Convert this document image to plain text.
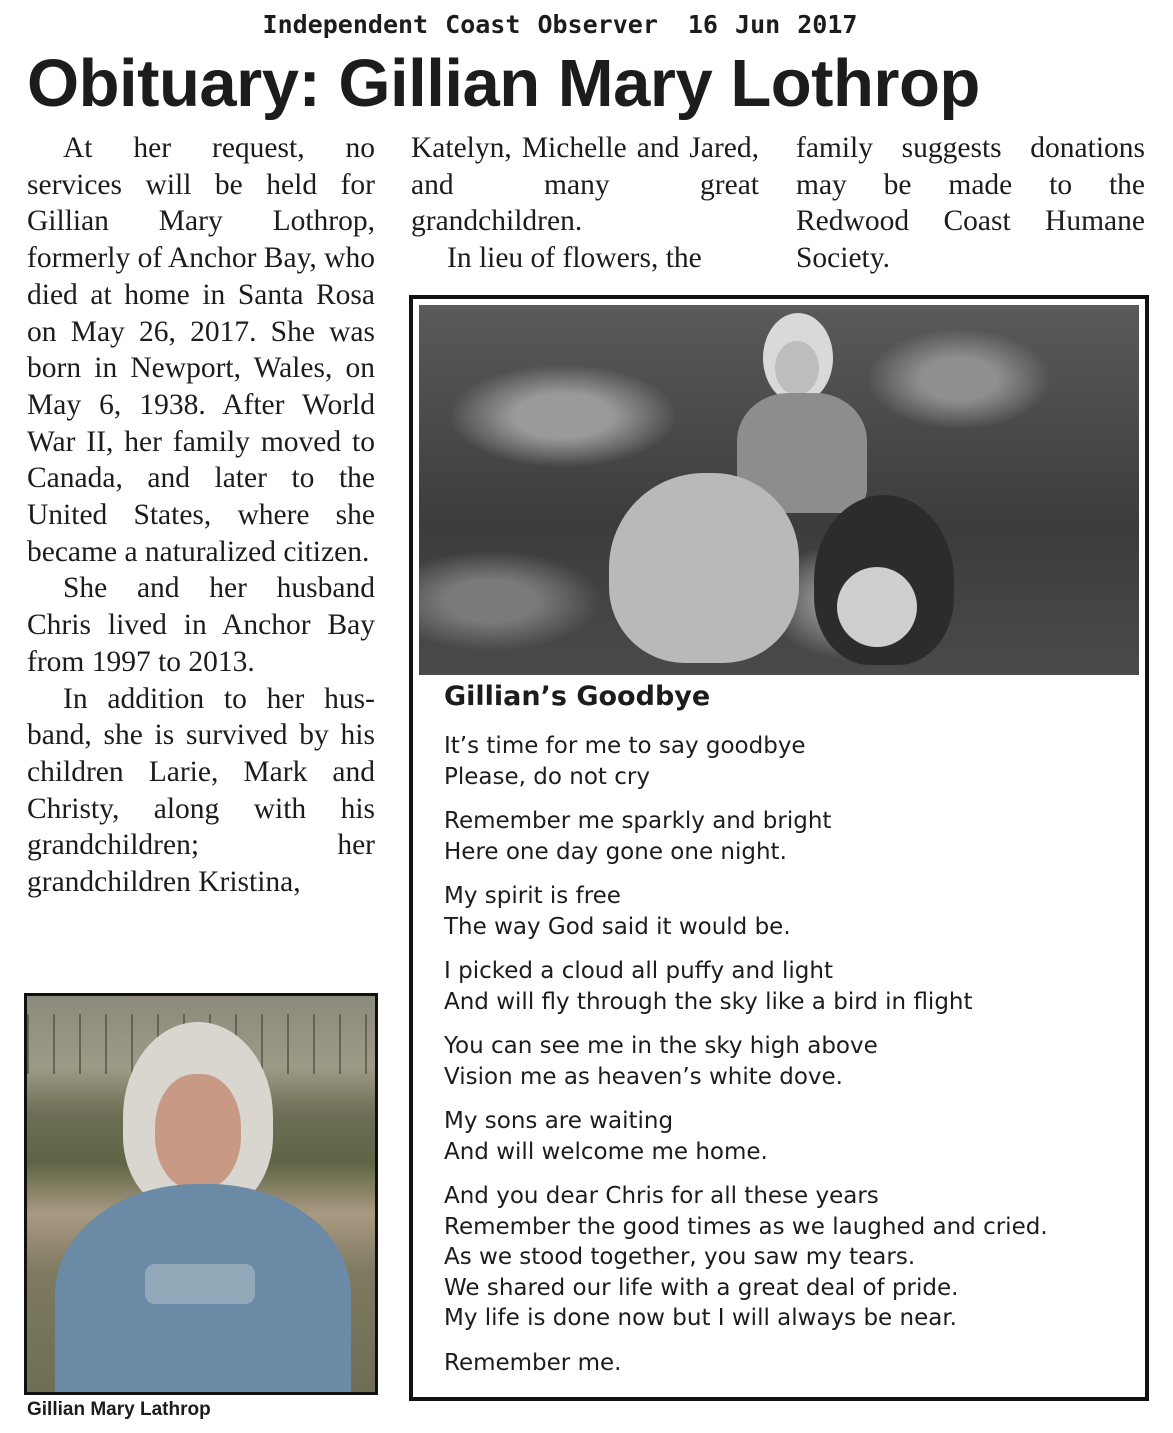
Independent Coast Observer 16 Jun 2017
Obituary: Gillian Mary Lothrop

At her request, no services will be held for Gillian Mary Lothrop, formerly of Anchor Bay, who died at home in Santa Rosa on May 26, 2017. She was born in Newport, Wales, on May 6, 1938. After World War II, her family moved to Canada, and later to the United States, where she became a naturalized citizen.

She and her husband Chris lived in Anchor Bay from 1997 to 2013.

In addition to her husband, she is survived by his children Larie, Mark and Christy, along with his grandchildren; her grandchildren Kristina,

Katelyn, Michelle and Jared, and many great grandchildren.

In lieu of flowers, the

family suggests donations may be made to the Redwood Coast Humane Society.

Gillian Mary Lathrop
Gillian’s Goodbye
It’s time for me to say goodbye
Please, do not cry
Remember me sparkly and bright
Here one day gone one night.
My spirit is free
The way God said it would be.
I picked a cloud all puffy and light
And will fly through the sky like a bird in flight
You can see me in the sky high above
Vision me as heaven’s white dove.
My sons are waiting
And will welcome me home.
And you dear Chris for all these years
Remember the good times as we laughed and cried.
As we stood together, you saw my tears.
We shared our life with a great deal of pride.
My life is done now but I will always be near.
Remember me.
